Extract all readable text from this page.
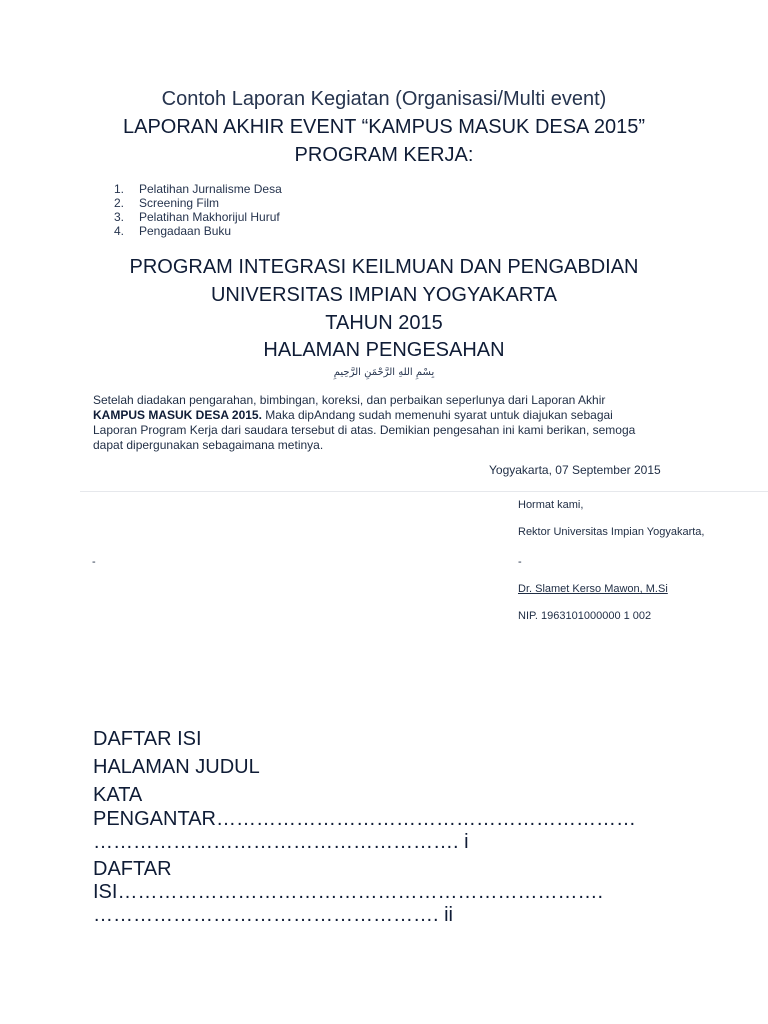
Contoh Laporan Kegiatan (Organisasi/Multi event)
LAPORAN AKHIR EVENT “KAMPUS MASUK DESA 2015”
PROGRAM KERJA:
1.	Pelatihan Jurnalisme Desa
2.	Screening Film
3.	Pelatihan Makhorijul Huruf
4.	Pengadaan Buku
PROGRAM INTEGRASI KEILMUAN DAN PENGABDIAN
UNIVERSITAS IMPIAN YOGYAKARTA
TAHUN 2015
HALAMAN PENGESAHAN
بِسْمِ اللهِ الرَّحْمَنِ الرَّحِيمِ
Setelah diadakan pengarahan, bimbingan, koreksi, dan perbaikan seperlunya dari Laporan Akhir KAMPUS MASUK DESA 2015. Maka dipAndang sudah memenuhi syarat untuk diajukan sebagai Laporan Program Kerja dari saudara tersebut di atas. Demikian pengesahan ini kami berikan, semoga dapat dipergunakan sebagaimana metinya.
Yogyakarta, 07 September 2015
Hormat kami,
Rektor Universitas Impian Yogyakarta,
-	-
Dr. Slamet Kerso Mawon, M.Si
NIP. 1963101000000 1 002
DAFTAR ISI
HALAMAN JUDUL
KATA
PENGANTAR………………………………………………………
………………………………………………. i
DAFTAR
ISI……………………………………………………………….
……………………………………………. ii
